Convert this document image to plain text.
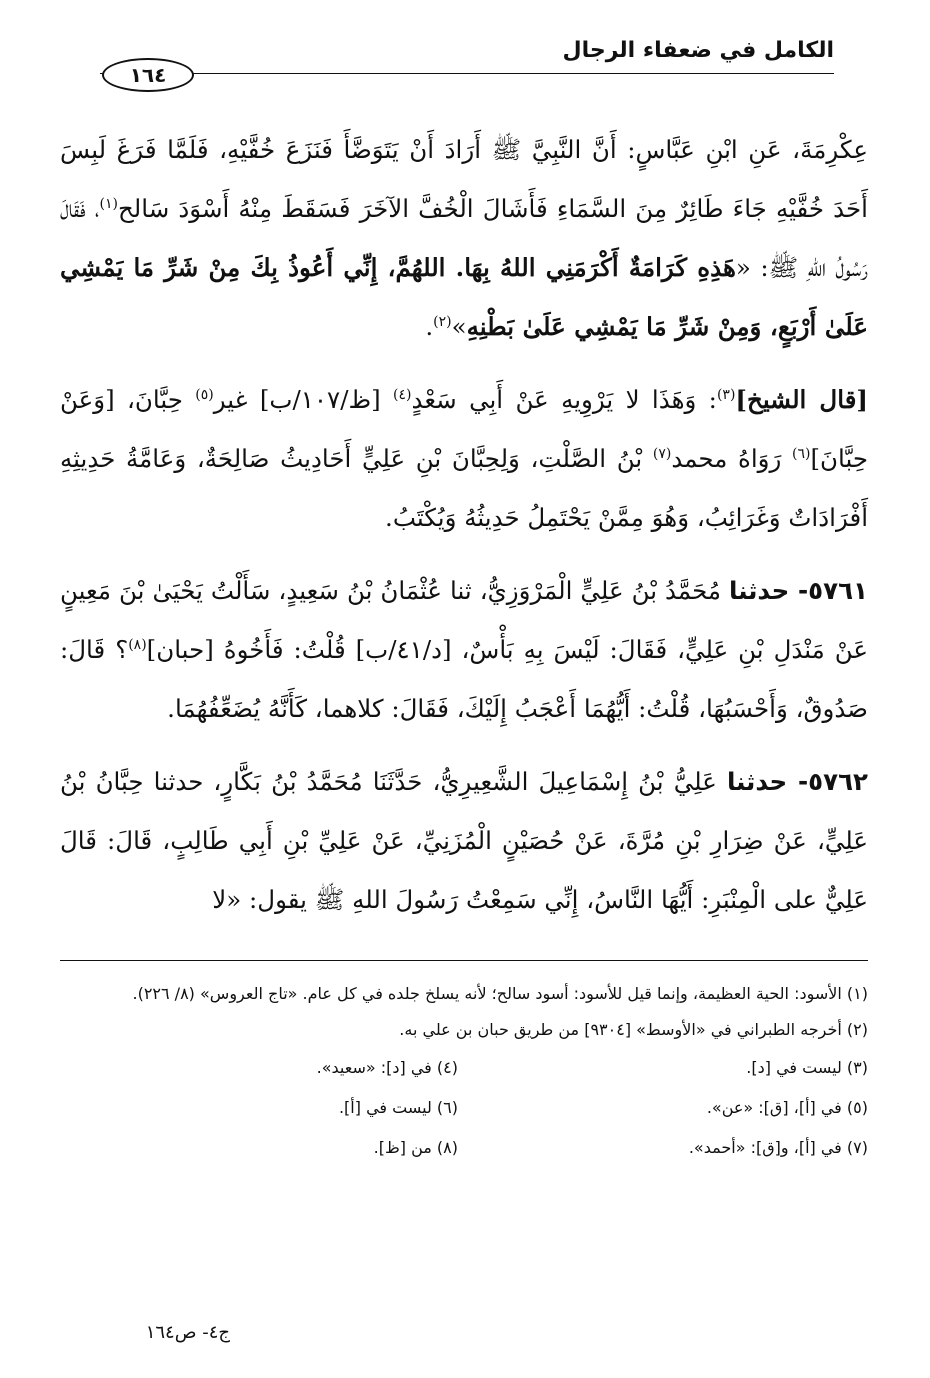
الكامل في ضعفاء الرجال
١٦٤

عِكْرِمَةَ، عَنِ ابْنِ عَبَّاسٍ: أَنَّ النَّبِيَّ ﷺ أَرَادَ أَنْ يَتَوَضَّأَ فَنَزَعَ خُفَّيْهِ، فَلَمَّا فَرَغَ لَبِسَ أَحَدَ خُفَّيْهِ جَاءَ طَائِرٌ مِنَ السَّمَاءِ فَأَشَالَ الْخُفَّ الآخَرَ فَسَقَطَ مِنْهُ أَسْوَدَ سَالح$^{(١)}$، فَقَالَ رَسُولُ اللهِ ﷺ: «هَذِهِ كَرَامَةٌ أَكْرَمَنِي اللهُ بِهَا. اللهُمَّ، إِنِّي أَعُوذُ بِكَ مِنْ شَرِّ مَا يَمْشِي عَلَىٰ أَرْبَعٍ، وَمِنْ شَرِّ مَا يَمْشِي عَلَىٰ بَطْنِهِ»$^{(٢)}$.

[قال الشيخ]$^{(٣)}$: وَهَذَا لا يَرْوِيهِ عَنْ أَبِي سَعْدٍ$^{(٤)}$ [ظ/١٠٧/ب] غير$^{(٥)}$ حِبَّانَ، [وَعَنْ حِبَّانَ]$^{(٦)}$ رَوَاهُ محمد$^{(٧)}$ بْنُ الصَّلْتِ، وَلِحِبَّانَ بْنِ عَلِيٍّ أَحَادِيثُ صَالِحَةٌ، وَعَامَّةُ حَدِيثِهِ أَفْرَادَاتٌ وَغَرَائِبُ، وَهُوَ مِمَّنْ يَحْتَمِلُ حَدِيثُهُ وَيُكْتَبُ.

٥٧٦١- حدثنا مُحَمَّدُ بْنُ عَلِيٍّ الْمَرْوَزِيُّ، ثنا عُثْمَانُ بْنُ سَعِيدٍ، سَأَلْتُ يَحْيَىٰ بْنَ مَعِينٍ عَنْ مَنْدَلِ بْنِ عَلِيٍّ، فَقَالَ: لَيْسَ بِهِ بَأْسٌ، [د/٤١/ب] قُلْتُ: فَأَخُوهُ [حبان]$^{(٨)}$؟ قَالَ: صَدُوقٌ، وَأَحْسَبُهَا، قُلْتُ: أَيُّهُمَا أَعْجَبُ إِلَيْكَ، فَقَالَ: كلاهما، كَأَنَّهُ يُضَعِّفُهُمَا.

٥٧٦٢- حدثنا عَلِيُّ بْنُ إِسْمَاعِيلَ الشَّعِيرِيُّ، حَدَّثَنَا مُحَمَّدُ بْنُ بَكَّارٍ، حدثنا حِبَّانُ بْنُ عَلِيٍّ، عَنْ ضِرَارِ بْنِ مُرَّةَ، عَنْ حُصَيْنٍ الْمُزَنِيِّ، عَنْ عَلِيِّ بْنِ أَبِي طَالِبٍ، قَالَ: قَالَ عَلِيٌّ على الْمِنْبَرِ: أَيُّهَا النَّاسُ، إِنِّي سَمِعْتُ رَسُولَ اللهِ ﷺ يقول: «لا

(١) الأسود: الحية العظيمة، وإنما قيل للأسود: أسود سالح؛ لأنه يسلخ جلده في كل عام. «تاج العروس» (٨/ ٢٢٦).
(٢) أخرجه الطبراني في «الأوسط» [٩٣٠٤] من طريق حبان بن علي به.
(٣) ليست في [د].
(٤) في [د]: «سعيد».
(٥) في [أ]، [ق]: «عن».
(٦) ليست في [أ].
(٧) في [أ]، و[ق]: «أحمد».
(٨) من [ظ].
ج٤- ص١٦٤
